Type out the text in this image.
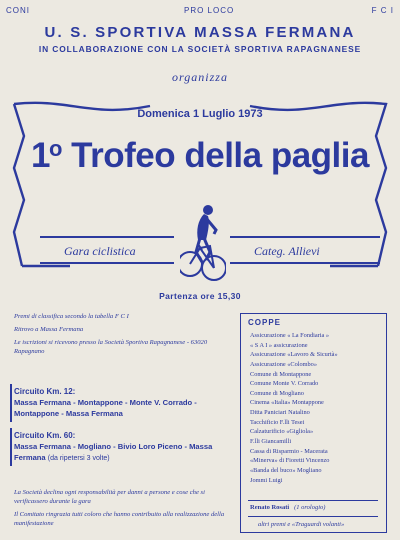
CONI	PRO LOCO	F C I
U. S. SPORTIVA MASSA FERMANA
IN COLLABORAZIONE CON LA SOCIETÀ SPORTIVA RAPAGNANESE
organizza
Domenica 1 Luglio 1973
1$^o$ Trofeo della paglia
Gara ciclistica	Categ. Allievi
Partenza ore 15,30

Premi di classifica secondo la tabella F C I

Ritrovo a Massa Fermana

Le iscrizioni si ricevono presso la Società Sportiva Rapagnanese - 63020 Rapagnano

Circuito Km. 12:
Massa Fermana - Montappone - Monte V. Corrado - Montappone - Massa Fermana
Circuito Km. 60:
Massa Fermana - Mogliano - Bivio Loro Piceno - Massa Fermana (da ripetersi 3 volte)

La Società declina ogni responsabilità per danni a persone e cose che si verificassero durante la gara

Il Comitato ringrazia tutti coloro che hanno contribuito alla realizzazione della manifestazione

COPPE
Assicurazione « La Fondiaria »
« S A I » assicurazione
Assicurazione «Lavoro & Sicurtà»
Assicurazione «Colombo»
Comune di Montappone
Comune Monte V. Corrado
Comune di Mogliano
Cinema «Italia» Montappone
Ditta Paniciari Natalino
Tacchificio F.lli Tesei
Calzaturificio «Gigliola»
F.lli Giancamilli
Cassa di Risparmio - Macerata
«Minerva» di Fioretti Vincenzo
«Banda del buco» Mogliano
Jommi Luigi
Renato Rosati (1 orologio)
altri premi e «Traguardi volanti»
